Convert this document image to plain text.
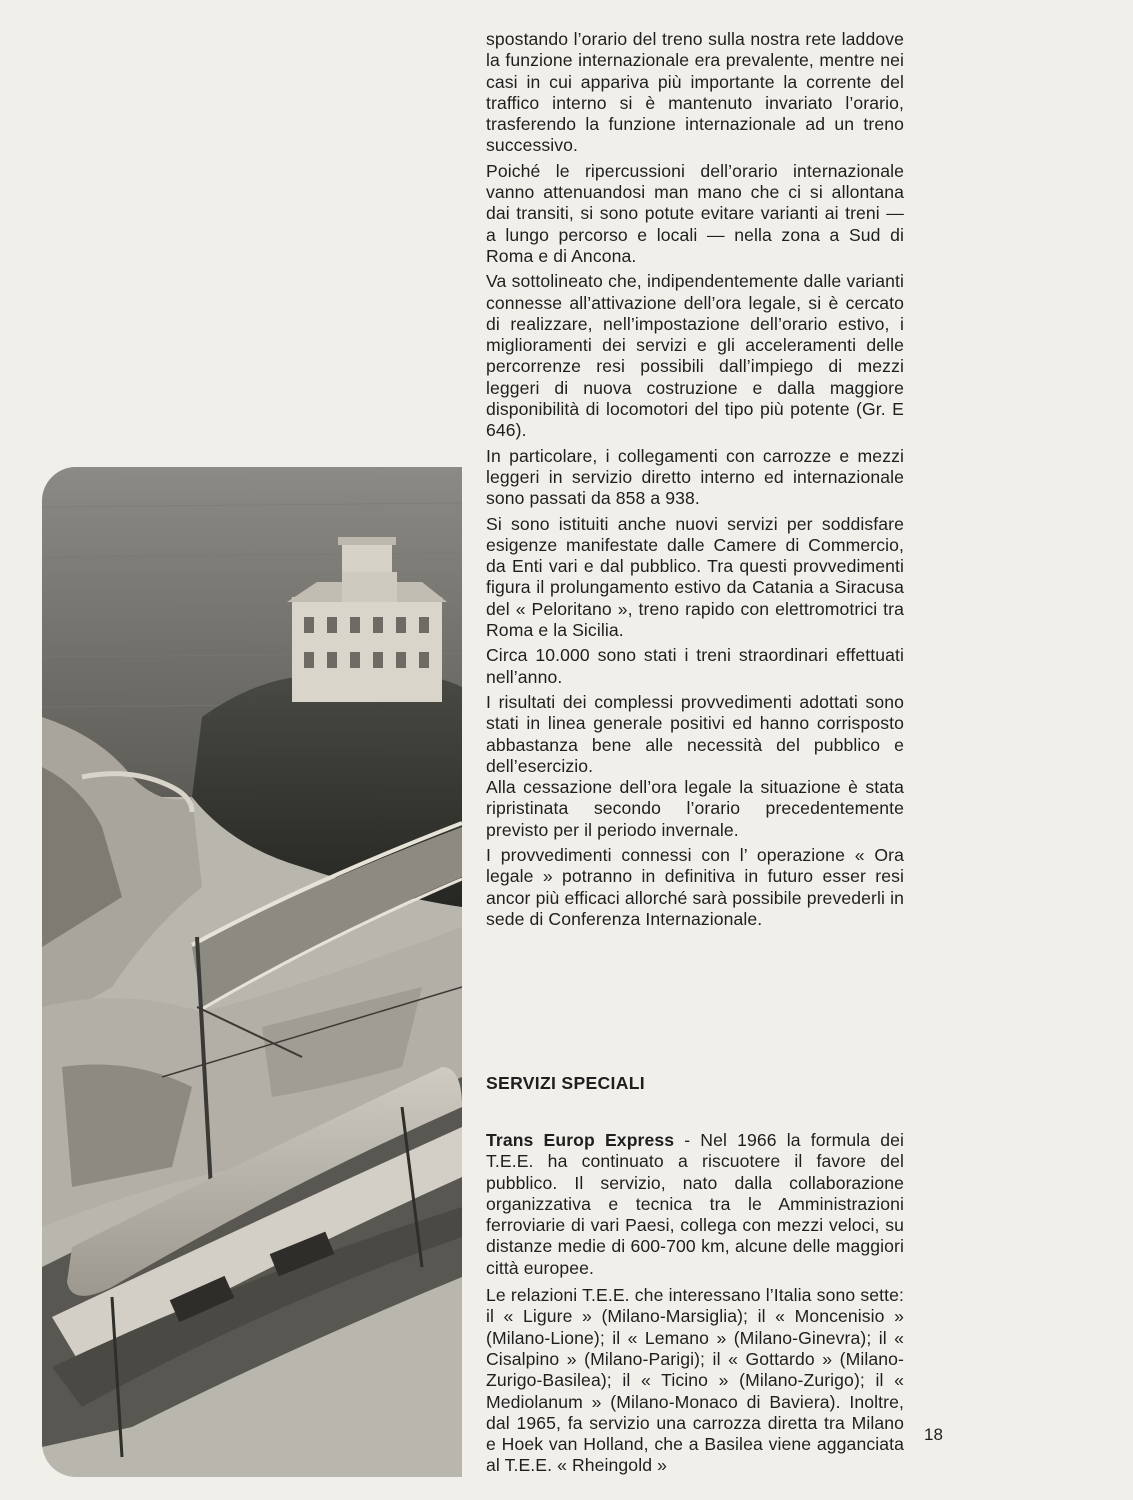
spostando l’orario del treno sulla nostra rete laddove la funzione internazionale era prevalente, mentre nei casi in cui appariva più importante la corrente del traffico interno si è mantenuto invariato l’orario, trasferendo la funzione internazionale ad un treno successivo.

Poiché le ripercussioni dell’orario internazionale vanno attenuandosi man mano che ci si allontana dai transiti, si sono potute evitare varianti ai treni — a lungo percorso e locali — nella zona a Sud di Roma e di Ancona.

Va sottolineato che, indipendentemente dalle varianti connesse all’attivazione dell’ora legale, si è cercato di realizzare, nell’impostazione dell’orario estivo, i miglioramenti dei servizi e gli acceleramenti delle percorrenze resi possibili dall’impiego di mezzi leggeri di nuova costruzione e dalla maggiore disponibilità di locomotori del tipo più potente (Gr. E 646).

In particolare, i collegamenti con carrozze e mezzi leggeri in servizio diretto interno ed internazionale sono passati da 858 a 938.

Si sono istituiti anche nuovi servizi per soddisfare esigenze manifestate dalle Camere di Commercio, da Enti vari e dal pubblico. Tra questi provvedimenti figura il prolungamento estivo da Catania a Siracusa del « Peloritano », treno rapido con elettromotrici tra Roma e la Sicilia.

Circa 10.000 sono stati i treni straordinari effettuati nell’anno.

I risultati dei complessi provvedimenti adottati sono stati in linea generale positivi ed hanno corrisposto abbastanza bene alle necessità del pubblico e dell’esercizio.

Alla cessazione dell’ora legale la situazione è stata ripristinata secondo l’orario precedentemente previsto per il periodo invernale.

I provvedimenti connessi con l’ operazione « Ora legale » potranno in definitiva in futuro esser resi ancor più efficaci allorché sarà possibile prevederli in sede di Conferenza Internazionale.

SERVIZI SPECIALI

Trans Europ Express - Nel 1966 la formula dei T.E.E. ha continuato a riscuotere il favore del pubblico. Il servizio, nato dalla collaborazione organizzativa e tecnica tra le Amministrazioni ferroviarie di vari Paesi, collega con mezzi veloci, su distanze medie di 600-700 km, alcune delle maggiori città europee.

Le relazioni T.E.E. che interessano l’Italia sono sette: il « Ligure » (Milano-Marsiglia); il « Moncenisio » (Milano-Lione); il « Lemano » (Milano-Ginevra); il « Cisalpino » (Milano-Parigi); il « Gottardo » (Milano-Zurigo-Basilea); il « Ticino » (Milano-Zurigo); il « Mediolanum » (Milano-Monaco di Baviera). Inoltre, dal 1965, fa servizio una carrozza diretta tra Milano e Hoek van Holland, che a Basilea viene agganciata al T.E.E. « Rheingold »

18
